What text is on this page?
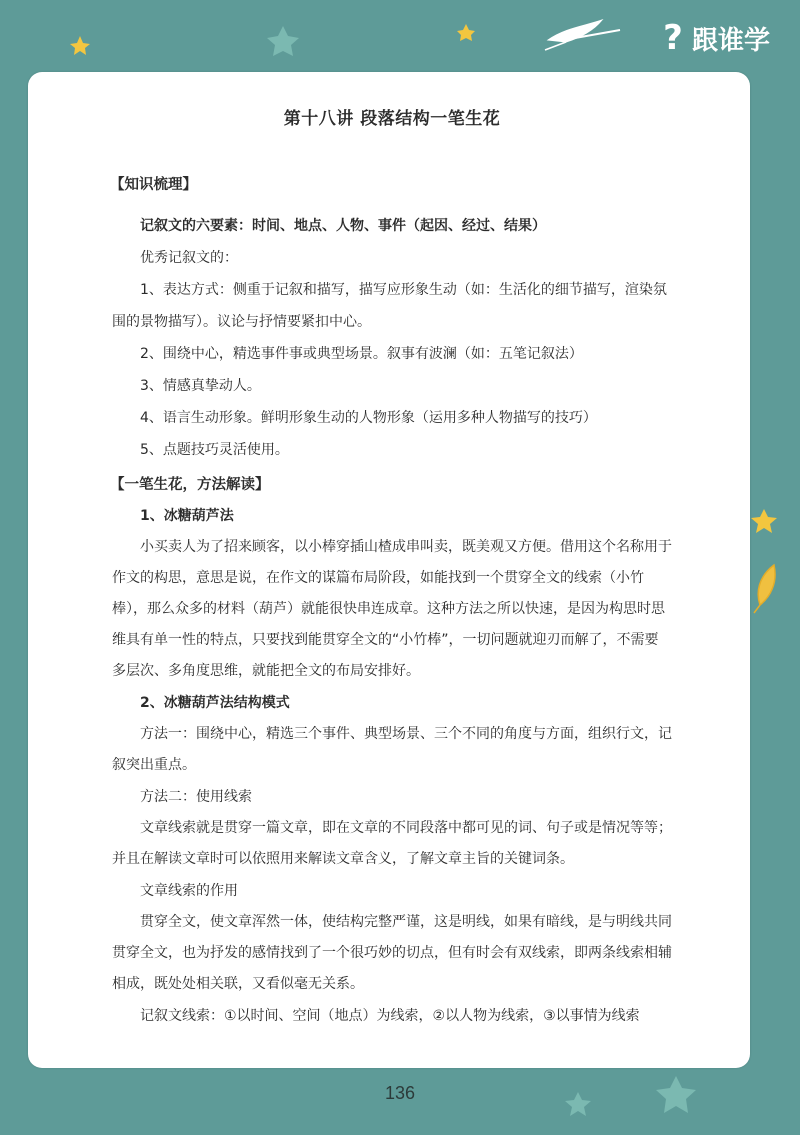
? 跟谁学
第十八讲 段落结构一笔生花
【知识梳理】

记叙文的六要素：时间、地点、人物、事件（起因、经过、结果）

优秀记叙文的：

1、表达方式：侧重于记叙和描写，描写应形象生动（如：生活化的细节描写，渲染氛围的景物描写）。议论与抒情要紧扣中心。

2、围绕中心，精选事件事或典型场景。叙事有波澜（如：五笔记叙法）

3、情感真挚动人。

4、语言生动形象。鲜明形象生动的人物形象（运用多种人物描写的技巧）

5、点题技巧灵活使用。

【一笔生花，方法解读】

1、冰糖葫芦法

小买卖人为了招来顾客，以小棒穿插山楂成串叫卖，既美观又方便。借用这个名称用于作文的构思，意思是说，在作文的谋篇布局阶段，如能找到一个贯穿全文的线索（小竹棒），那么众多的材料（葫芦）就能很快串连成章。这种方法之所以快速，是因为构思时思维具有单一性的特点，只要找到能贯穿全文的“小竹棒”，一切问题就迎刃而解了，不需要多层次、多角度思维，就能把全文的布局安排好。

2、冰糖葫芦法结构模式

方法一：围绕中心，精选三个事件、典型场景、三个不同的角度与方面，组织行文，记叙突出重点。

方法二：使用线索

文章线索就是贯穿一篇文章，即在文章的不同段落中都可见的词、句子或是情况等等；并且在解读文章时可以依照用来解读文章含义，了解文章主旨的关键词条。

文章线索的作用

贯穿全文，使文章浑然一体，使结构完整严谨，这是明线，如果有暗线，是与明线共同贯穿全文，也为抒发的感情找到了一个很巧妙的切点，但有时会有双线索，即两条线索相辅相成，既处处相关联，又看似毫无关系。

记叙文线索：①以时间、空间（地点）为线索，②以人物为线索，③以事情为线索

136
